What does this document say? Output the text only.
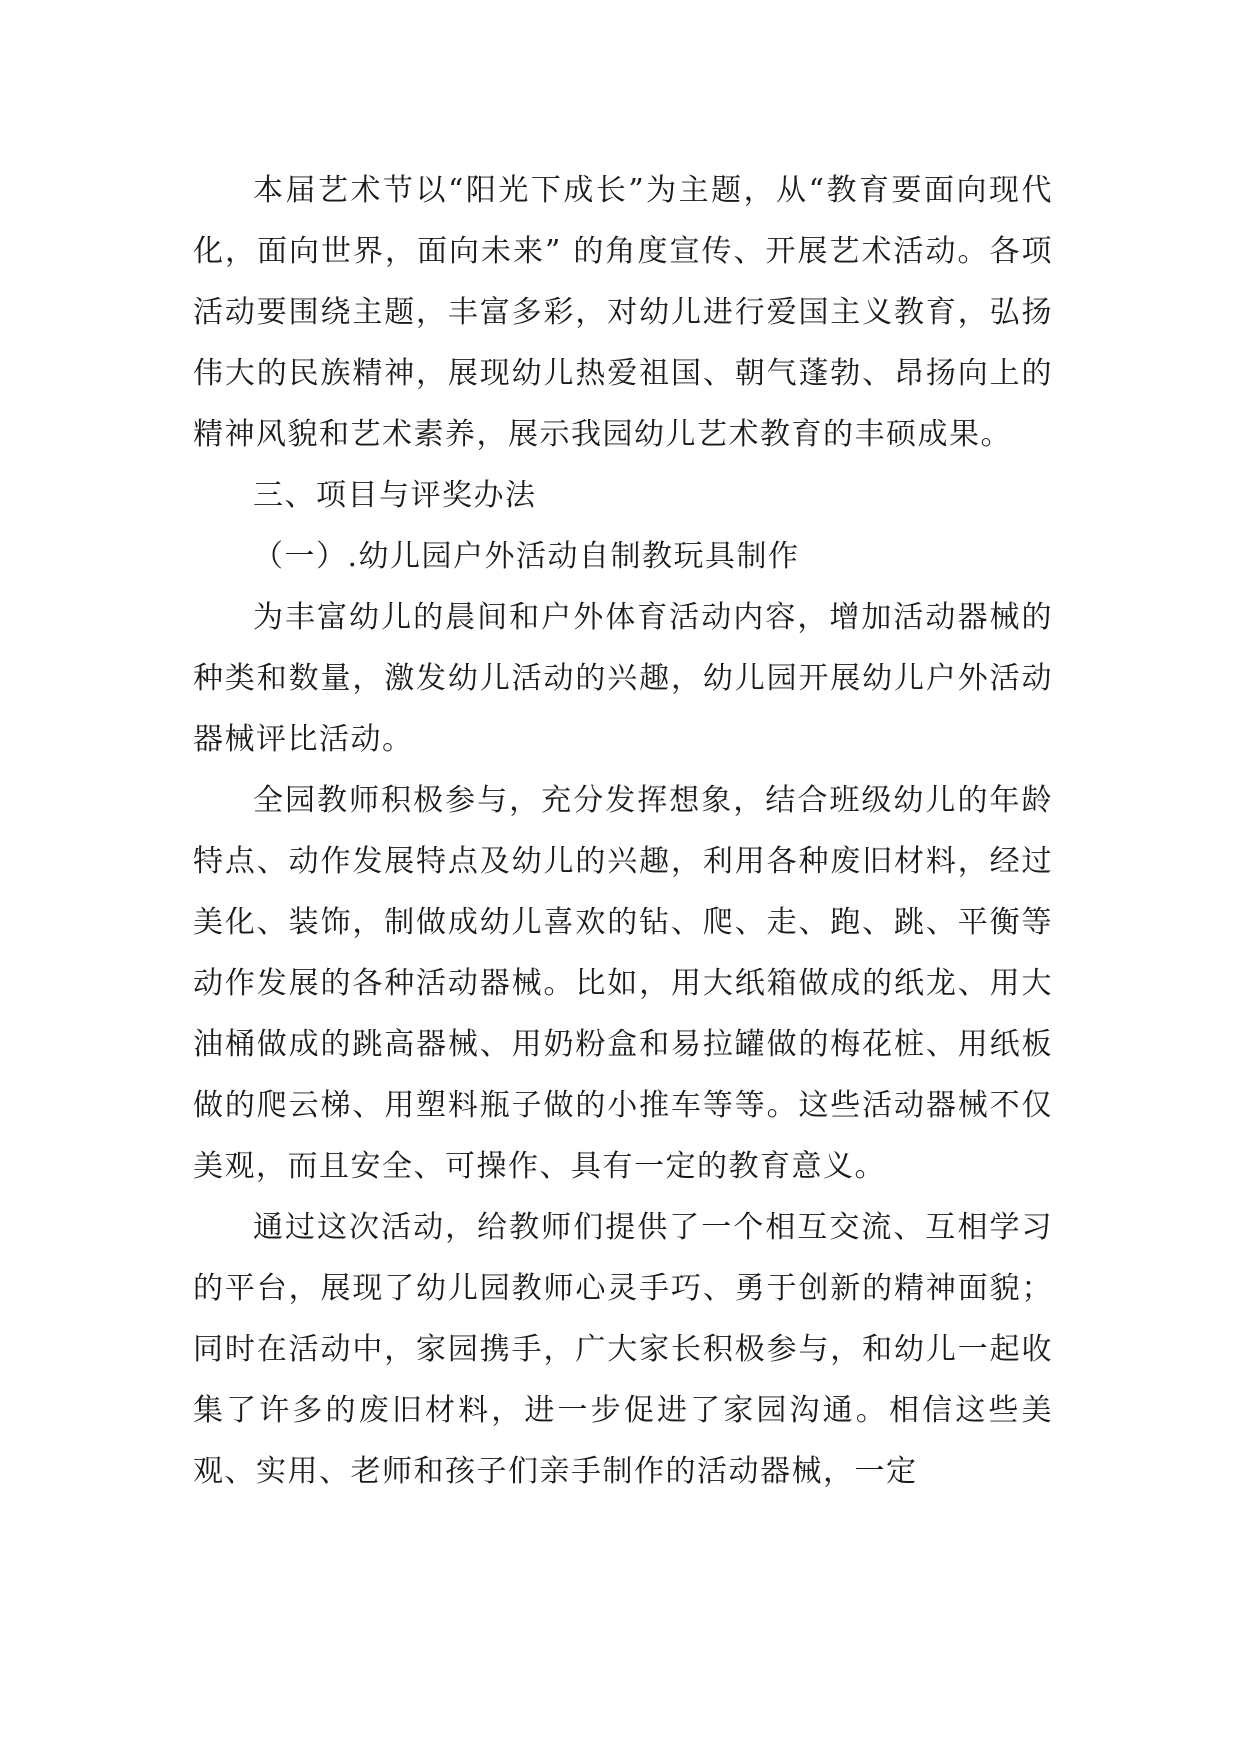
本届艺术节以“阳光下成长”为主题，从“教育要面向现代化，面向世界，面向未来” 的角度宣传、开展艺术活动。各项活动要围绕主题，丰富多彩，对幼儿进行爱国主义教育，弘扬伟大的民族精神，展现幼儿热爱祖国、朝气蓬勃、昂扬向上的精神风貌和艺术素养，展示我园幼儿艺术教育的丰硕成果。

三、项目与评奖办法

（一）.幼儿园户外活动自制教玩具制作

为丰富幼儿的晨间和户外体育活动内容，增加活动器械的种类和数量，激发幼儿活动的兴趣，幼儿园开展幼儿户外活动器械评比活动。

全园教师积极参与，充分发挥想象，结合班级幼儿的年龄特点、动作发展特点及幼儿的兴趣，利用各种废旧材料，经过美化、装饰，制做成幼儿喜欢的钻、爬、走、跑、跳、平衡等动作发展的各种活动器械。比如，用大纸箱做成的纸龙、用大油桶做成的跳高器械、用奶粉盒和易拉罐做的梅花桩、用纸板做的爬云梯、用塑料瓶子做的小推车等等。这些活动器械不仅美观，而且安全、可操作、具有一定的教育意义。

通过这次活动，给教师们提供了一个相互交流、互相学习的平台，展现了幼儿园教师心灵手巧、勇于创新的精神面貌；同时在活动中，家园携手，广大家长积极参与，和幼儿一起收集了许多的废旧材料，进一步促进了家园沟通。相信这些美观、实用、老师和孩子们亲手制作的活动器械，一定
